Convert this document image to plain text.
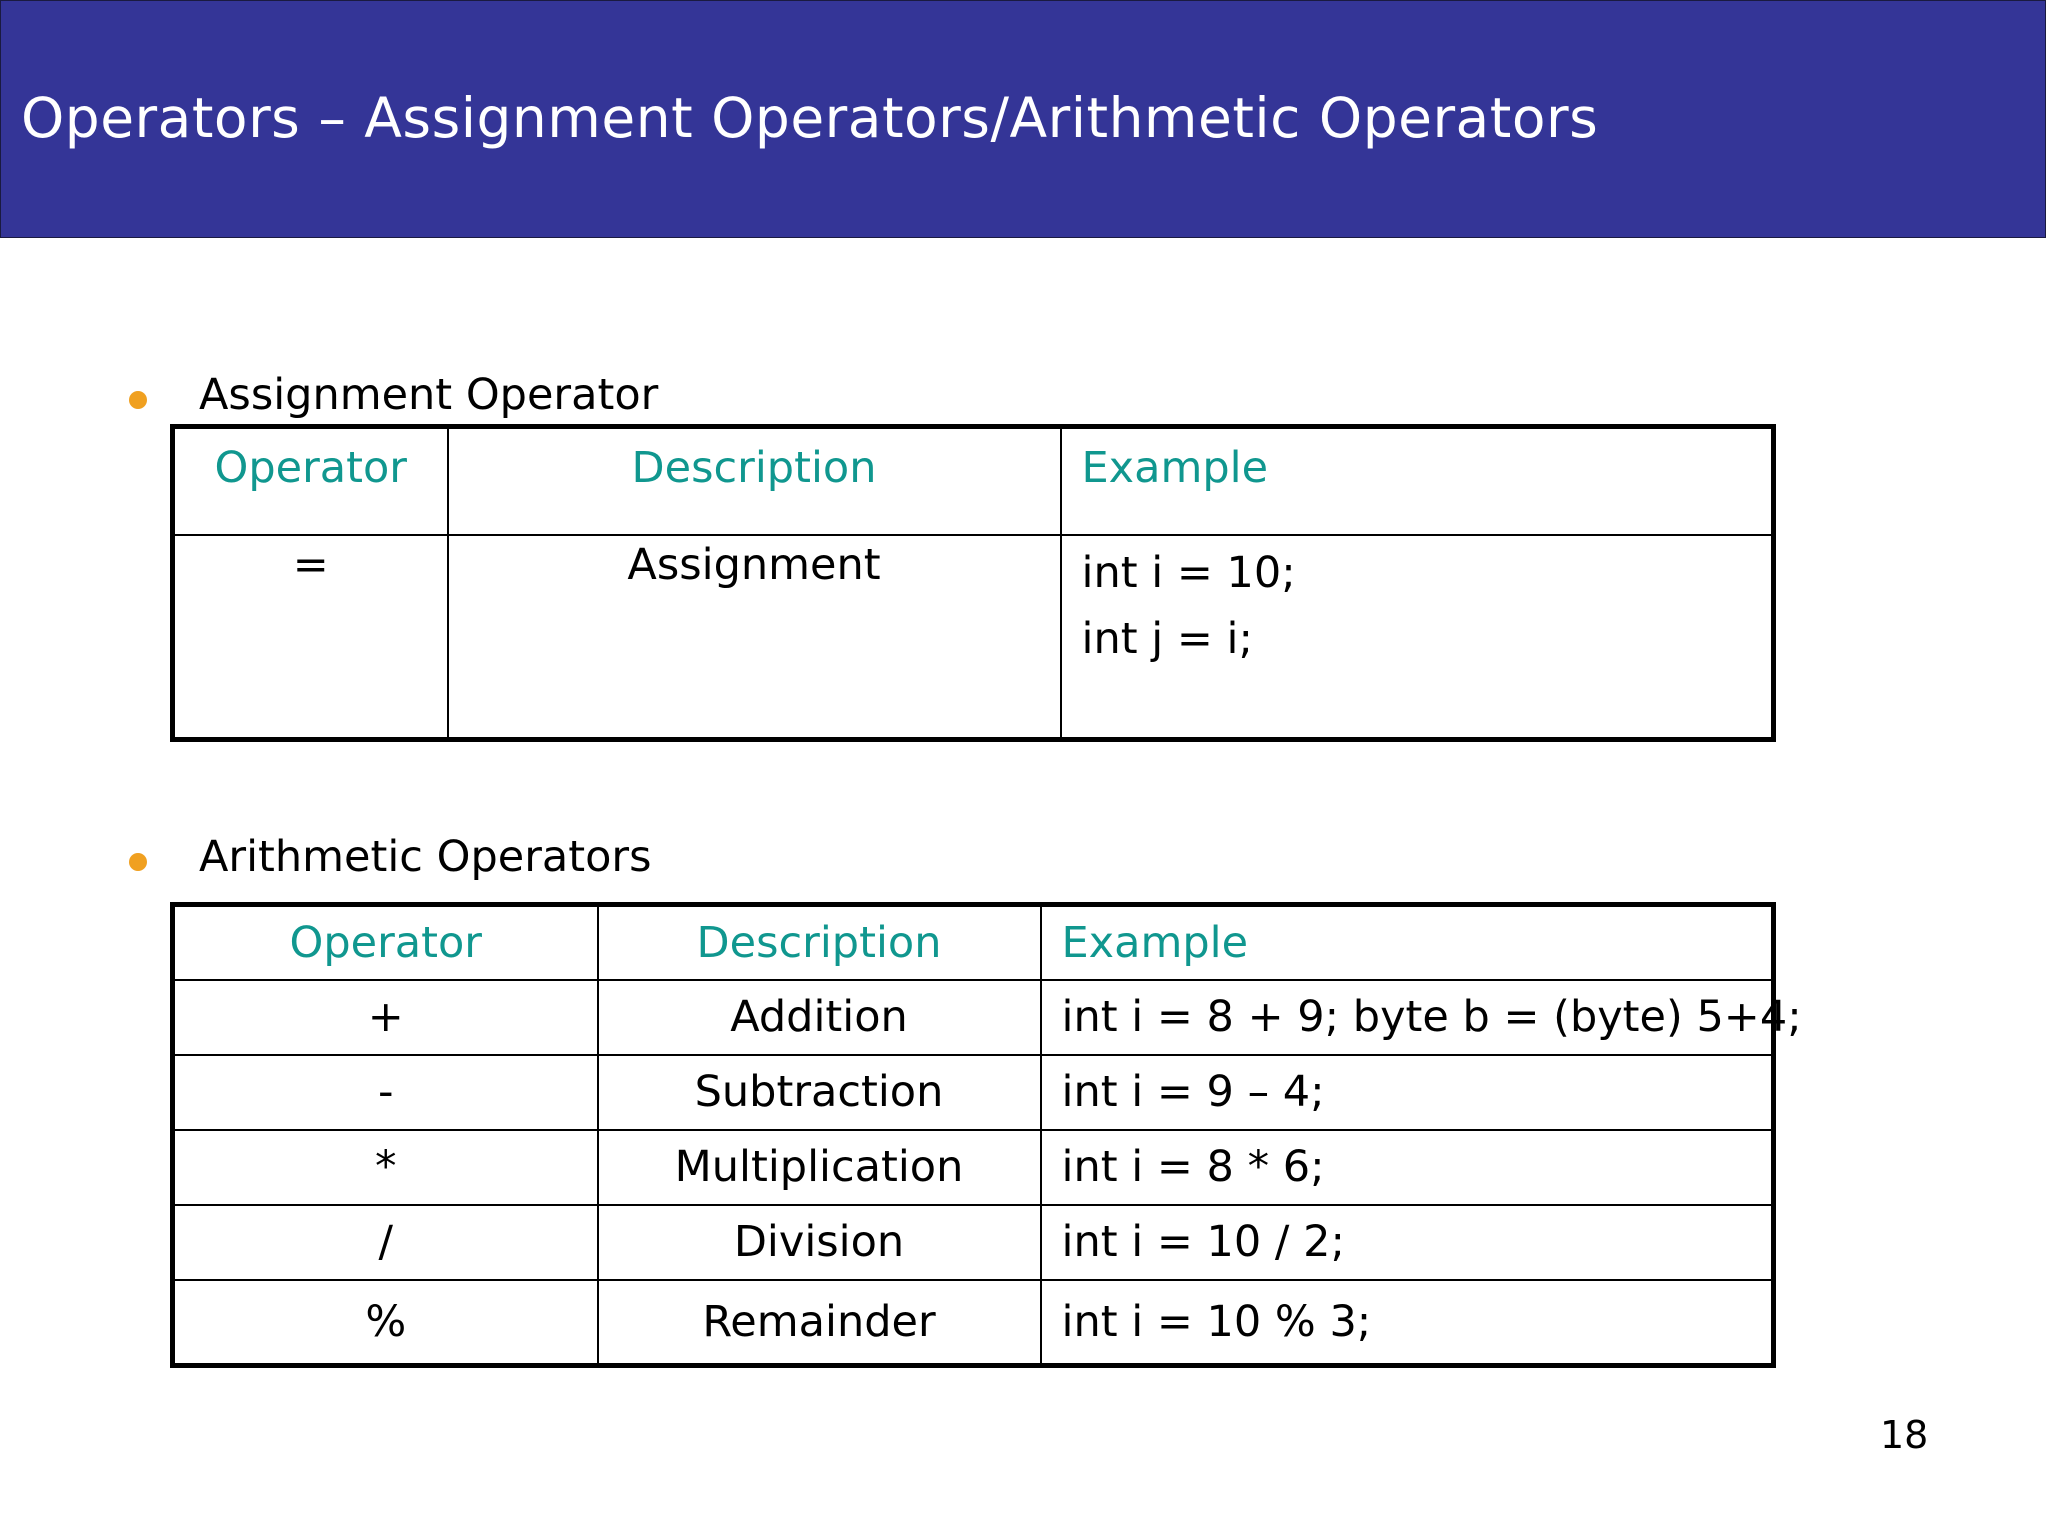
Operators – Assignment Operators/Arithmetic Operators
Assignment Operator
Operator	Description	Example
=	Assignment	int i = 10;
int j = i;
Arithmetic Operators
Operator	Description	Example
+	Addition	int i = 8 + 9; byte b = (byte) 5+4;
-	Subtraction	int i = 9 – 4;
*	Multiplication	int i = 8 * 6;
/	Division	int i = 10 / 2;
%	Remainder	int i = 10 % 3;
18
